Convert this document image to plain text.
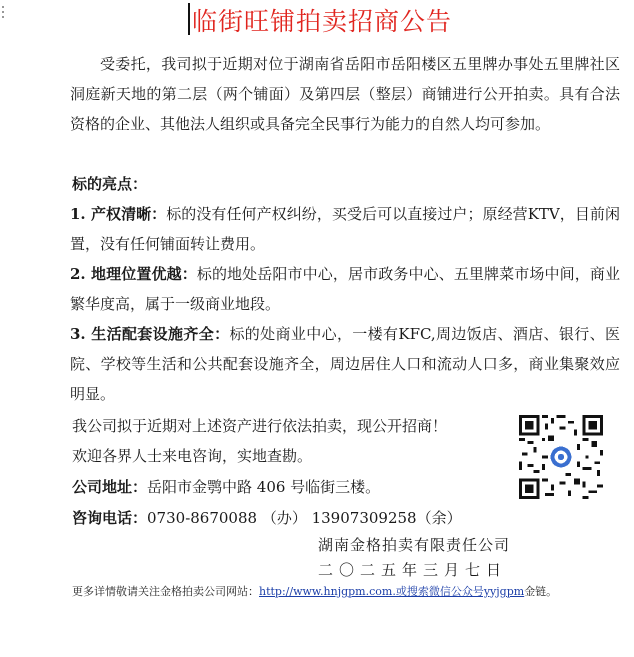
临街旺铺拍卖招商公告

受委托，我司拟于近期对位于湖南省岳阳市岳阳楼区五里牌办事处五里牌社区洞庭新天地的第二层（两个铺面）及第四层（整层）商铺进行公开拍卖。具有合法资格的企业、其他法人组织或具备完全民事行为能力的自然人均可参加。

标的亮点：

1. 产权清晰：标的没有任何产权纠纷，买受后可以直接过户；原经营KTV，目前闲置，没有任何铺面转让费用。

2. 地理位置优越：标的地处岳阳市中心，居市政务中心、五里牌菜市场中间，商业繁华度高，属于一级商业地段。

3. 生活配套设施齐全：标的处商业中心，一楼有KFC,周边饭店、酒店、银行、医院、学校等生活和公共配套设施齐全，周边居住人口和流动人口多，商业集聚效应明显。

我公司拟于近期对上述资产进行依法拍卖，现公开招商！
欢迎各界人士来电咨询，实地查勘。
公司地址：岳阳市金鹗中路 406 号临街三楼。
咨询电话：0730-8670088 （办） 13907309258（余）
湖南金格拍卖有限责任公司
二〇二五年三月七日
更多详情敬请关注金格拍卖公司网站：http://www.hnjgpm.com.或搜索微信公众号yyjgpm金链。
